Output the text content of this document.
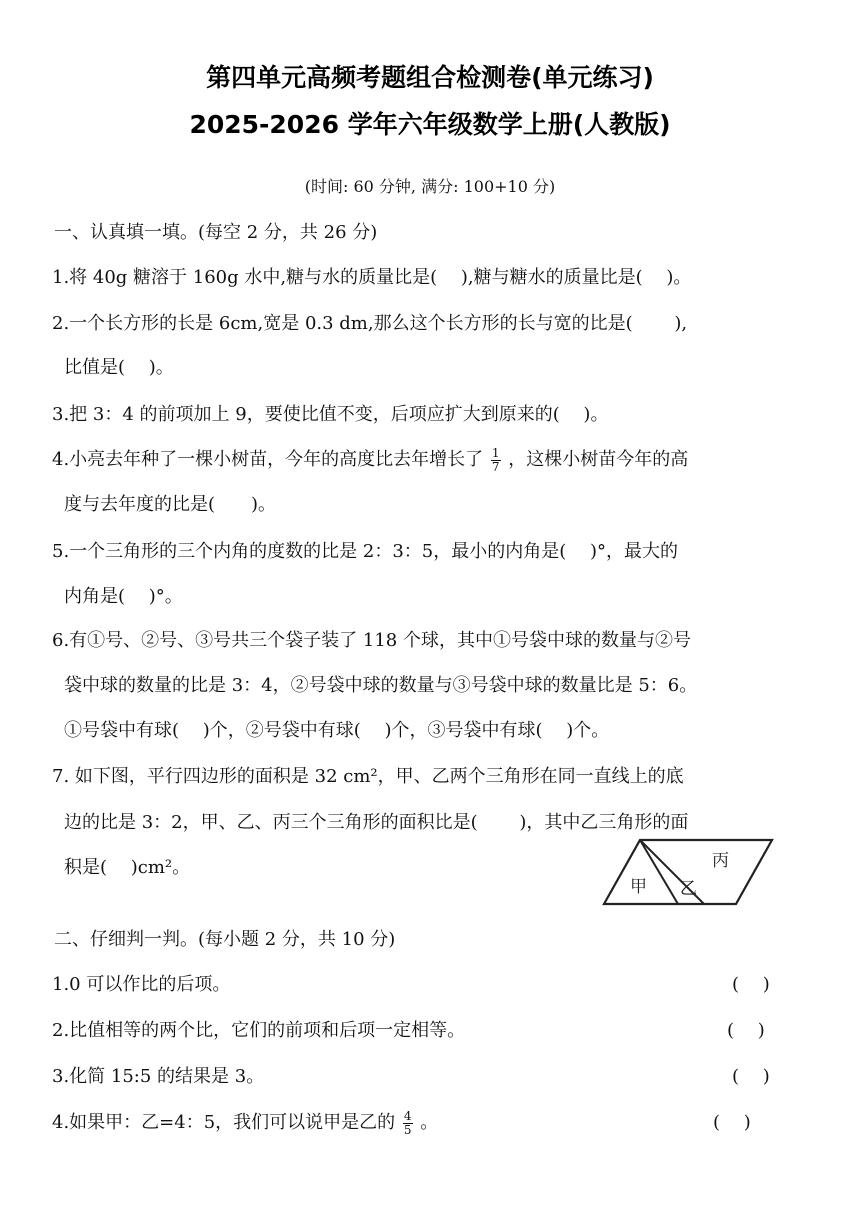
第四单元高频考题组合检测卷(单元练习)
2025-2026 学年六年级数学上册(人教版)
(时间: 60 分钟, 满分: 100+10 分)
一、认真填一填。(每空 2 分，共 26 分)
1.将 40g 糖溶于 160g 水中,糖与水的质量比是(　 ),糖与糖水的质量比是(　 )。
2.一个长方形的长是 6cm,宽是 0.3 dm,那么这个长方形的长与宽的比是(　　 ),
比值是(　 )。
3.把 3：4 的前项加上 9，要使比值不变，后项应扩大到原来的(　 )。
4.小亮去年种了一棵小树苗，今年的高度比去年增长了 $\frac{1}{7}$ ，这棵小树苗今年的高
度与去年度的比是(　　)。
5.一个三角形的三个内角的度数的比是 2：3：5，最小的内角是(　 )°，最大的
内角是(　 )°。
6.有①号、②号、③号共三个袋子装了 118 个球，其中①号袋中球的数量与②号
袋中球的数量的比是 3：4，②号袋中球的数量与③号袋中球的数量比是 5：6。
①号袋中有球(　 )个，②号袋中有球(　 )个，③号袋中有球(　 )个。
7. 如下图，平行四边形的面积是 32 cm²，甲、乙两个三角形在同一直线上的底
边的比是 3：2，甲、乙、丙三个三角形的面积比是(　　 )，其中乙三角形的面
积是(　 )cm²。
甲 乙
丙
二、仔细判一判。(每小题 2 分，共 10 分)
1.0 可以作比的后项。	(　 )
2.比值相等的两个比，它们的前项和后项一定相等。	(　 )
3.化简 15:5 的结果是 3。	(　 )
4.如果甲：乙=4：5，我们可以说甲是乙的 $\frac{4}{5}$ 。	(　 )
